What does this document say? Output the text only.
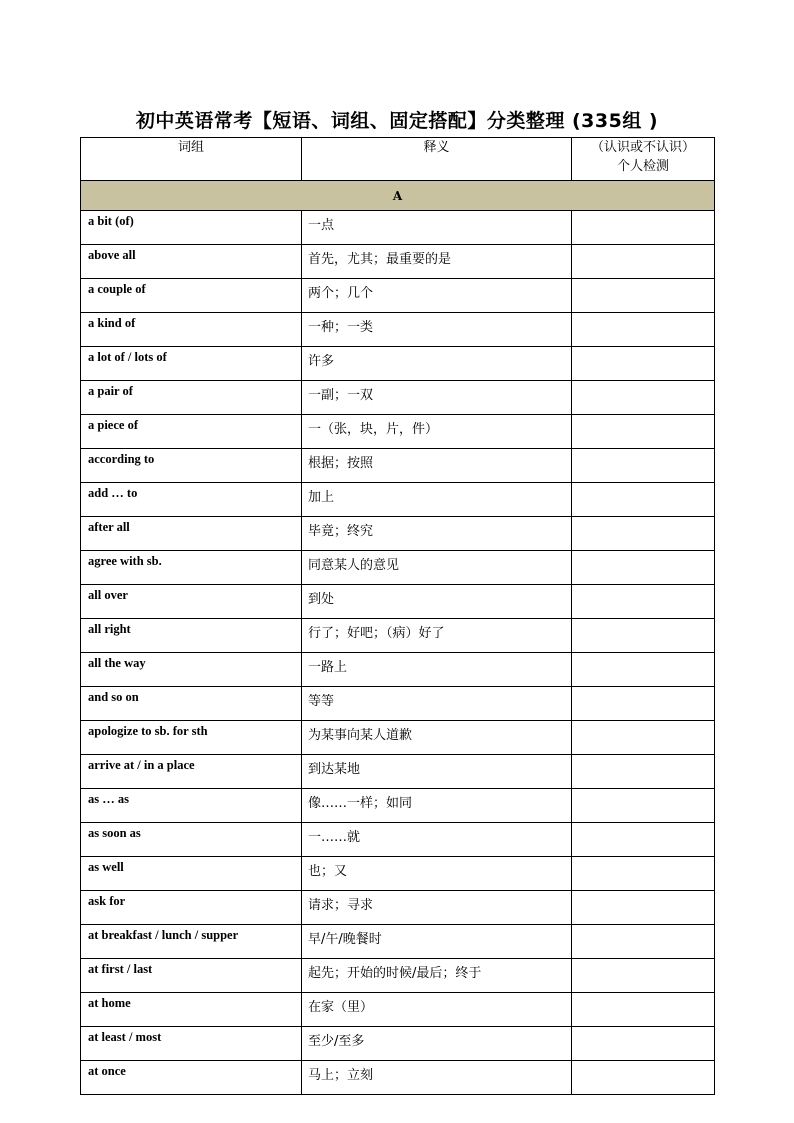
初中英语常考【短语、词组、固定搭配】分类整理 (335组 )
词组	释义	（认识或不认识）
个人检测

A		
a bit (of)	一点	
above all	首先，尤其；最重要的是	
a couple of	两个；几个	
a kind of	一种；一类	
a lot of / lots of	许多	
a pair of	一副；一双	
a piece of	一（张，块，片，件）	
according to	根据；按照	
add … to	加上	
after all	毕竟；终究	
agree with sb.	同意某人的意见	
all over	到处	
all right	行了；好吧；（病）好了	
all the way	一路上	
and so on	等等	
apologize to sb. for sth	为某事向某人道歉	
arrive at / in a place	到达某地	
as … as	像……一样；如同	
as soon as	一……就	
as well	也；又	
ask for	请求；寻求	
at breakfast / lunch / supper	早/午/晚餐时	
at first / last	起先；开始的时候/最后；终于	
at home	在家（里）	
at least / most	至少/至多	
at once	马上；立刻	
